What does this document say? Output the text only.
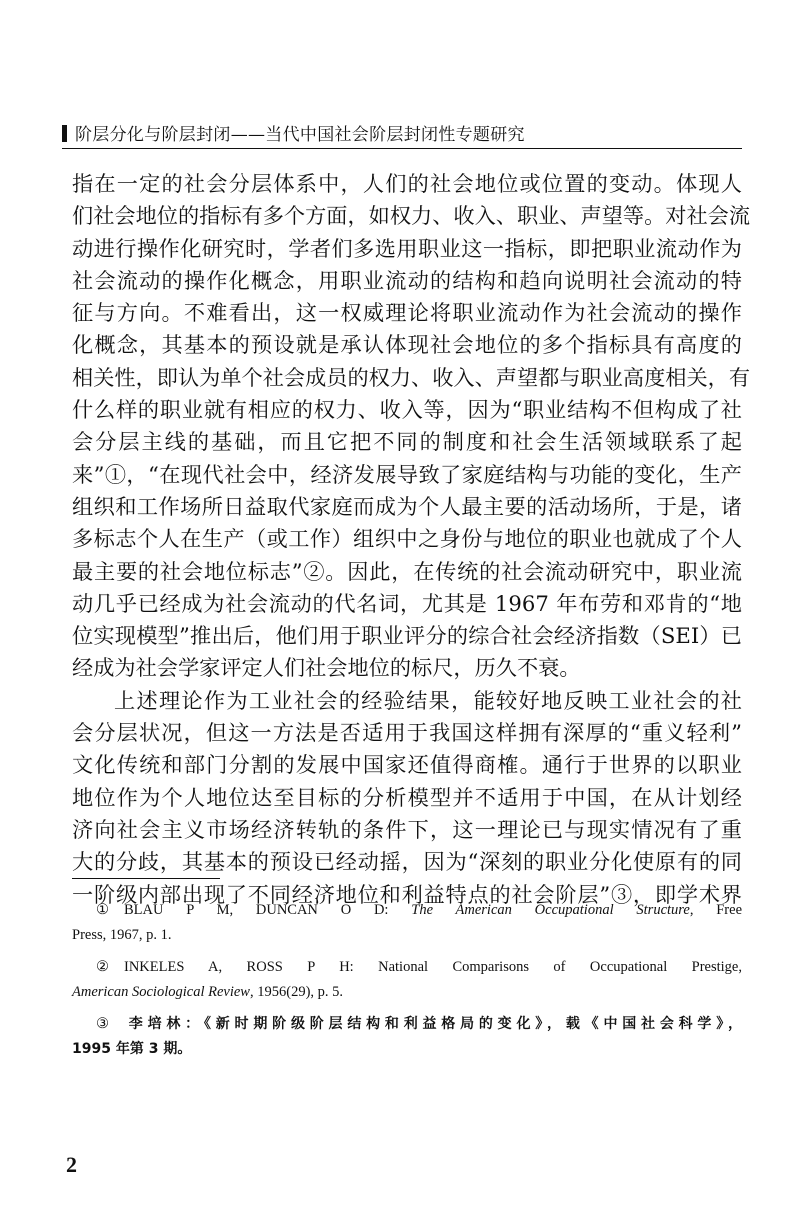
阶层分化与阶层封闭——当代中国社会阶层封闭性专题研究
指在一定的社会分层体系中，人们的社会地位或位置的变动。体现人
们社会地位的指标有多个方面，如权力、收入、职业、声望等。对社会流
动进行操作化研究时，学者们多选用职业这一指标，即把职业流动作为
社会流动的操作化概念，用职业流动的结构和趋向说明社会流动的特
征与方向。不难看出，这一权威理论将职业流动作为社会流动的操作
化概念，其基本的预设就是承认体现社会地位的多个指标具有高度的
相关性，即认为单个社会成员的权力、收入、声望都与职业高度相关，有
什么样的职业就有相应的权力、收入等，因为“职业结构不但构成了社
会分层主线的基础，而且它把不同的制度和社会生活领域联系了起
来”①，“在现代社会中，经济发展导致了家庭结构与功能的变化，生产
组织和工作场所日益取代家庭而成为个人最主要的活动场所，于是，诸
多标志个人在生产（或工作）组织中之身份与地位的职业也就成了个人
最主要的社会地位标志”②。因此，在传统的社会流动研究中，职业流
动几乎已经成为社会流动的代名词，尤其是 1967 年布劳和邓肯的“地
位实现模型”推出后，他们用于职业评分的综合社会经济指数（SEI）已
经成为社会学家评定人们社会地位的标尺，历久不衰。
上述理论作为工业社会的经验结果，能较好地反映工业社会的社
会分层状况，但这一方法是否适用于我国这样拥有深厚的“重义轻利”
文化传统和部门分割的发展中国家还值得商榷。通行于世界的以职业
地位作为个人地位达至目标的分析模型并不适用于中国，在从计划经
济向社会主义市场经济转轨的条件下，这一理论已与现实情况有了重
大的分歧，其基本的预设已经动摇，因为“深刻的职业分化使原有的同
一阶级内部出现了不同经济地位和利益特点的社会阶层”③，即学术界
① BLAU P M, DUNCAN O D: The American Occupational Structure, Free
Press, 1967, p. 1.
② INKELES A, ROSS P H: National Comparisons of Occupational Prestige,
American Sociological Review, 1956(29), p. 5.
③ 李培林：《新时期阶级阶层结构和利益格局的变化》，载《中国社会科学》，
1995 年第 3 期。
2
